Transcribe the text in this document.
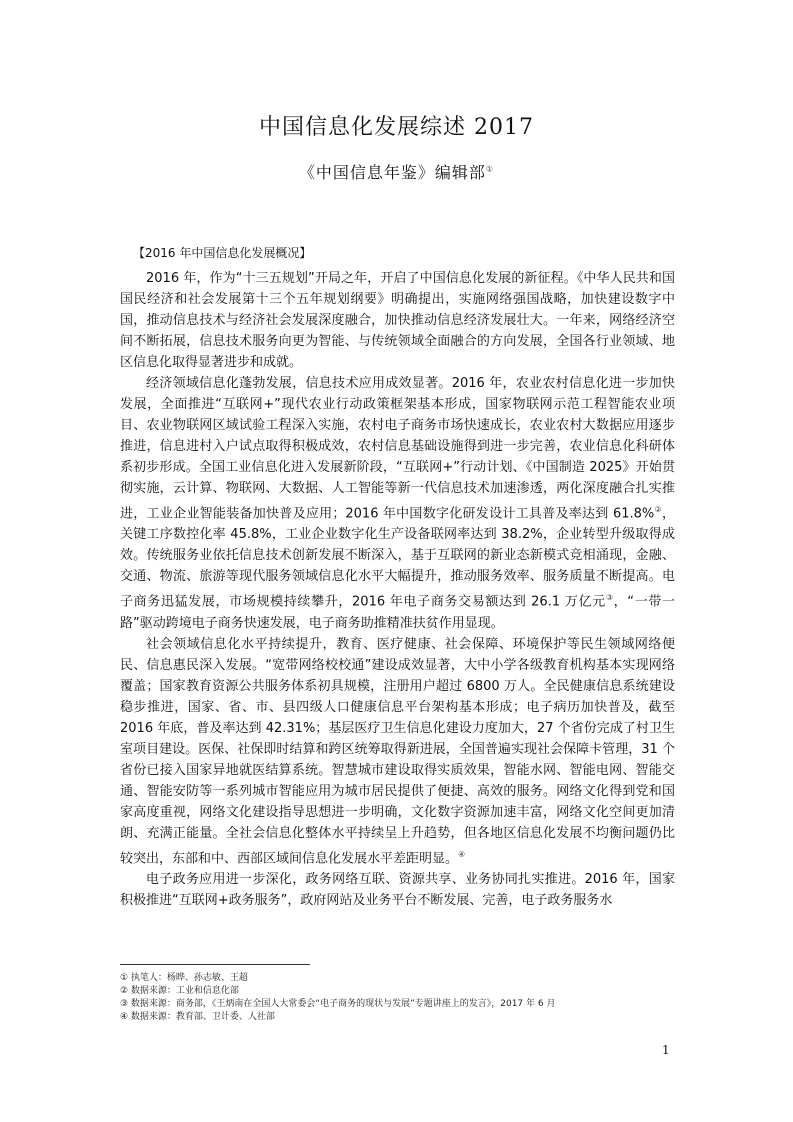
中国信息化发展综述 2017
《中国信息年鉴》编辑部①
【2016 年中国信息化发展概况】

2016 年，作为“十三五规划”开局之年，开启了中国信息化发展的新征程。《中华人民共和国国民经济和社会发展第十三个五年规划纲要》明确提出，实施网络强国战略，加快建设数字中国，推动信息技术与经济社会发展深度融合，加快推动信息经济发展壮大。一年来，网络经济空间不断拓展，信息技术服务向更为智能、与传统领域全面融合的方向发展，全国各行业领域、地区信息化取得显著进步和成就。

经济领域信息化蓬勃发展，信息技术应用成效显著。2016 年，农业农村信息化进一步加快发展，全面推进“互联网+”现代农业行动政策框架基本形成，国家物联网示范工程智能农业项目、农业物联网区域试验工程深入实施，农村电子商务市场快速成长，农业农村大数据应用逐步推进，信息进村入户试点取得积极成效，农村信息基础设施得到进一步完善，农业信息化科研体系初步形成。全国工业信息化进入发展新阶段，“互联网+”行动计划、《中国制造 2025》开始贯彻实施，云计算、物联网、大数据、人工智能等新一代信息技术加速渗透，两化深度融合扎实推进，工业企业智能装备加快普及应用；2016 年中国数字化研发设计工具普及率达到 61.8%②，关键工序数控化率 45.8%，工业企业数字化生产设备联网率达到 38.2%，企业转型升级取得成效。传统服务业依托信息技术创新发展不断深入，基于互联网的新业态新模式竞相涌现，金融、交通、物流、旅游等现代服务领域信息化水平大幅提升，推动服务效率、服务质量不断提高。电子商务迅猛发展，市场规模持续攀升，2016 年电子商务交易额达到 26.1 万亿元③，“一带一路”驱动跨境电子商务快速发展，电子商务助推精准扶贫作用显现。

社会领域信息化水平持续提升，教育、医疗健康、社会保障、环境保护等民生领域网络便民、信息惠民深入发展。“宽带网络校校通”建设成效显著，大中小学各级教育机构基本实现网络覆盖；国家教育资源公共服务体系初具规模，注册用户超过 6800 万人。全民健康信息系统建设稳步推进，国家、省、市、县四级人口健康信息平台架构基本形成；电子病历加快普及，截至 2016 年底，普及率达到 42.31%；基层医疗卫生信息化建设力度加大，27 个省份完成了村卫生室项目建设。医保、社保即时结算和跨区统筹取得新进展，全国普遍实现社会保障卡管理，31 个省份已接入国家异地就医结算系统。智慧城市建设取得实质效果，智能水网、智能电网、智能交通、智能安防等一系列城市智能应用为城市居民提供了便捷、高效的服务。网络文化得到党和国家高度重视，网络文化建设指导思想进一步明确，文化数字资源加速丰富，网络文化空间更加清朗、充满正能量。全社会信息化整体水平持续呈上升趋势，但各地区信息化发展不均衡问题仍比较突出，东部和中、西部区域间信息化发展水平差距明显。④

电子政务应用进一步深化，政务网络互联、资源共享、业务协同扎实推进。2016 年，国家积极推进“互联网+政务服务”，政府网站及业务平台不断发展、完善，电子政务服务水

① 执笔人：杨晔、孙志敏、王超
② 数据来源：工业和信息化部
③ 数据来源：商务部，《王炳南在全国人大常委会“电子商务的现状与发展”专题讲座上的发言》，2017 年 6 月
④ 数据来源：教育部、卫计委、人社部
1
